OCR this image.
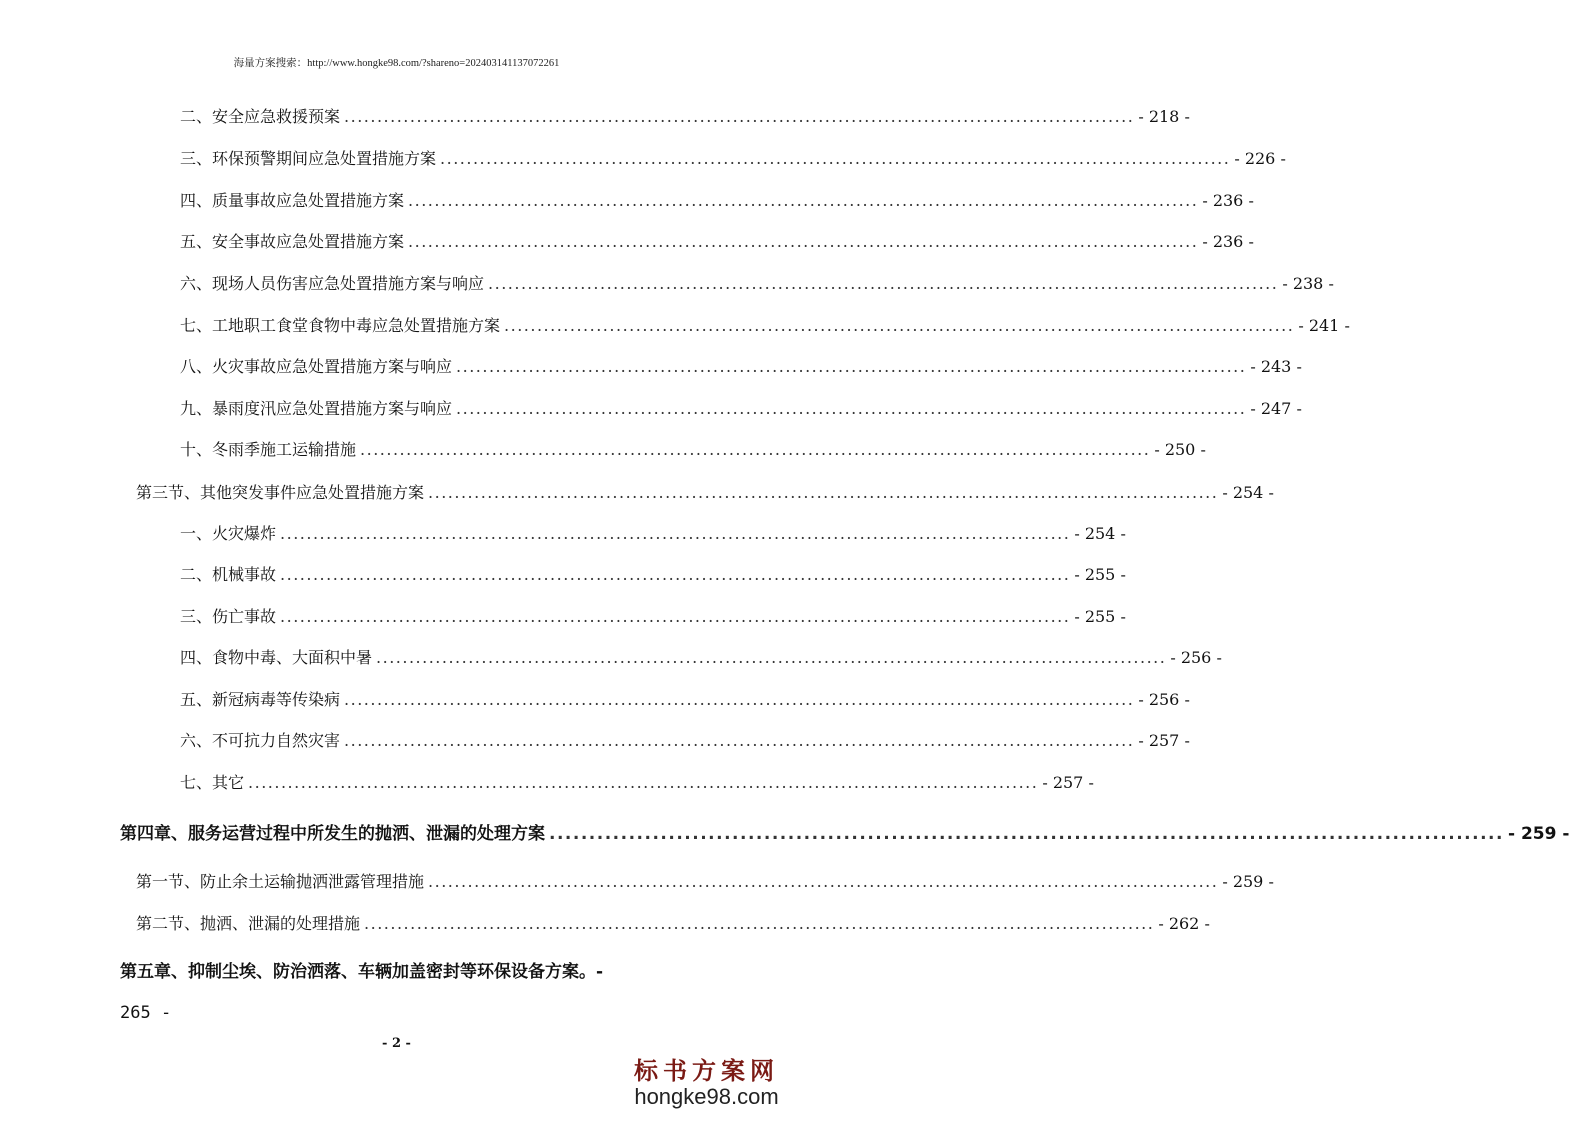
海量方案搜索：http://www.hongke98.com/?shareno=202403141137072261
二、安全应急救援预案 ........................................................................................................................ - 218 -
三、环保预警期间应急处置措施方案 ........................................................................................................................ - 226 -
四、质量事故应急处置措施方案 ........................................................................................................................ - 236 -
五、安全事故应急处置措施方案 ........................................................................................................................ - 236 -
六、现场人员伤害应急处置措施方案与响应 ........................................................................................................................ - 238 -
七、工地职工食堂食物中毒应急处置措施方案 ........................................................................................................................ - 241 -
八、火灾事故应急处置措施方案与响应 ........................................................................................................................ - 243 -
九、暴雨度汛应急处置措施方案与响应 ........................................................................................................................ - 247 -
十、冬雨季施工运输措施 ........................................................................................................................ - 250 -
第三节、其他突发事件应急处置措施方案 ........................................................................................................................ - 254 -
一、火灾爆炸 ........................................................................................................................ - 254 -
二、机械事故 ........................................................................................................................ - 255 -
三、伤亡事故 ........................................................................................................................ - 255 -
四、食物中毒、大面积中暑 ........................................................................................................................ - 256 -
五、新冠病毒等传染病 ........................................................................................................................ - 256 -
六、不可抗力自然灾害 ........................................................................................................................ - 257 -
七、其它 ........................................................................................................................ - 257 -
第四章、服务运营过程中所发生的抛洒、泄漏的处理方案 ........................................................................................................................ - 259 -
第一节、防止余土运输抛洒泄露管理措施 ........................................................................................................................ - 259 -
第二节、抛洒、泄漏的处理措施 ........................................................................................................................ - 262 -
第五章、抑制尘埃、防治洒落、车辆加盖密封等环保设备方案。-
265 -
- 2 -
标书方案网
hongke98.com
